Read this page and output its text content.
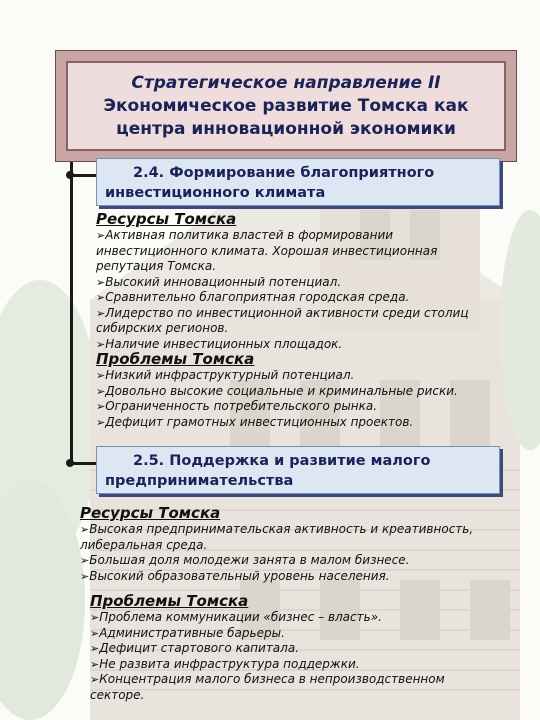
Стратегическое направление II
Экономическое развитие Томска как
центра инновационной экономики
2.4. Формирование благоприятного
инвестиционного климата
Ресурсы Томска

➢Активная политика властей в формировании инвестиционного климата. Хорошая инвестиционная репутация Томска.

➢Высокий инновационный потенциал.

➢Сравнительно благоприятная городская среда.

➢Лидерство по инвестиционной активности среди столиц сибирских регионов.

➢Наличие инвестиционных площадок.

Проблемы Томска

➢Низкий инфраструктурный потенциал.

➢Довольно высокие социальные и криминальные риски.

➢Ограниченность потребительского рынка.

➢Дефицит грамотных инвестиционных проектов.

2.5. Поддержка и развитие малого
предпринимательства
Ресурсы Томска

➢Высокая предпринимательская активность и креативность, либеральная среда.

➢Большая доля молодежи занята в малом бизнесе.

➢Высокий образовательный уровень населения.

Проблемы Томска

➢Проблема коммуникации «бизнес – власть».

➢Административные барьеры.

➢Дефицит стартового капитала.

➢Не развита инфраструктура поддержки.

➢Концентрация малого бизнеса в непроизводственном секторе.
